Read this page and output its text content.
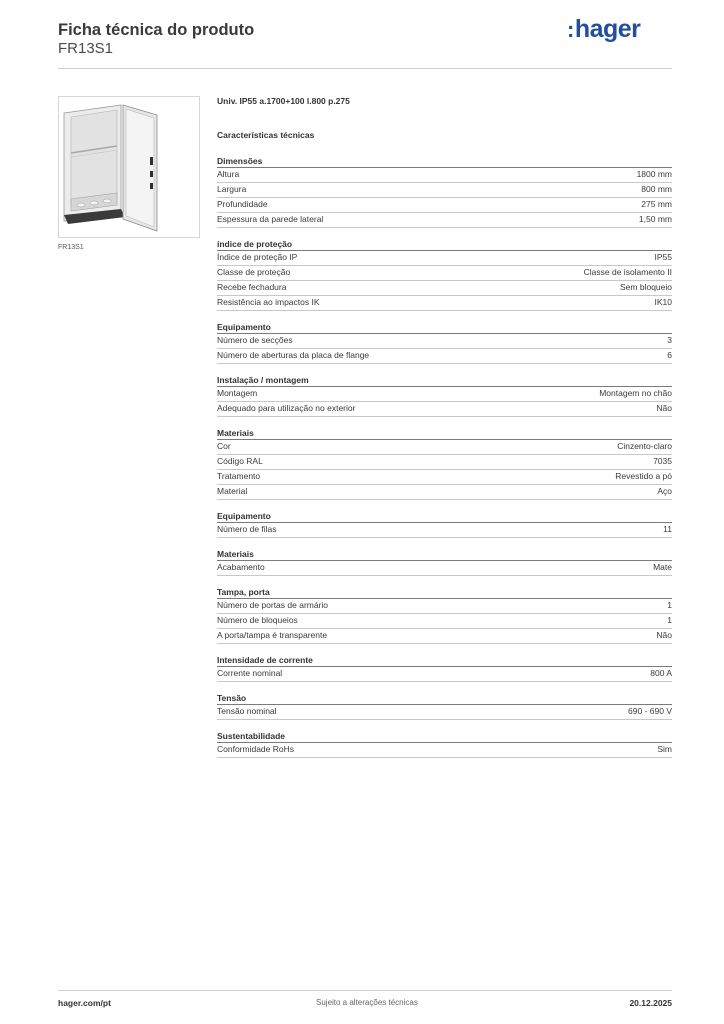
Ficha técnica do produto
FR13S1
:hager
FR13S1
Univ. IP55 a.1700+100 l.800 p.275
Características técnicas
Dimensões
Altura	1800 mm
Largura	800 mm
Profundidade	275 mm
Espessura da parede lateral	1,50 mm
índice de proteção
Índice de proteção IP	IP55
Classe de proteção	Classe de isolamento II
Recebe fechadura	Sem bloqueio
Resistência ao impactos IK	IK10
Equipamento
Número de secções	3
Número de aberturas da placa de flange	6
Instalação / montagem
Montagem	Montagem no chão
Adequado para utilização no exterior	Não
Materiais
Cor	Cinzento-claro
Código RAL	7035
Tratamento	Revestido a pó
Material	Aço
Equipamento
Número de filas	11
Materiais
Acabamento	Mate
Tampa, porta
Número de portas de armário	1
Número de bloqueios	1
A porta/tampa é transparente	Não
Intensidade de corrente
Corrente nominal	800 A
Tensão
Tensão nominal	690 - 690 V
Sustentabilidade
Conformidade RoHs	Sim
hager.com/pt	Sujeito a alterações técnicas	20.12.2025
